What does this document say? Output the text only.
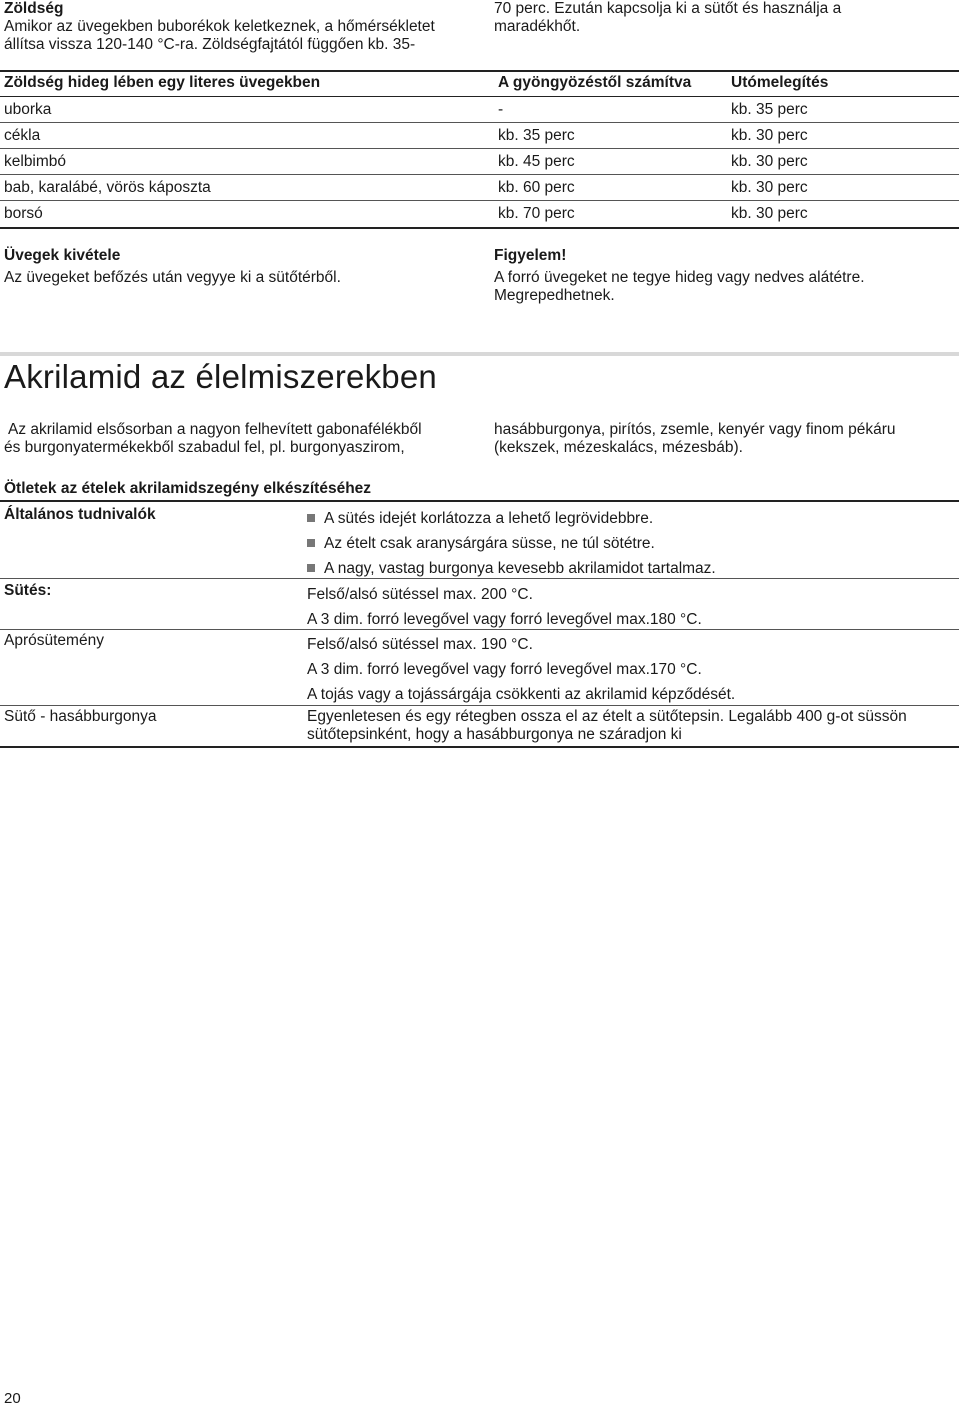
Zöldség
Amikor az üvegekben buborékok keletkeznek, a hőmérsékletet
állítsa vissza 120-140 °C-ra. Zöldségfajtától függően kb. 35-
70 perc. Ezután kapcsolja ki a sütőt és használja a
maradékhőt.
Zöldség hideg lében egy literes üvegekben	A gyöngyözéstől számítva	Utómelegítés
uborka	-	kb. 35 perc
cékla	kb. 35 perc	kb. 30 perc
kelbimbó	kb. 45 perc	kb. 30 perc
bab, karalábé, vörös káposzta	kb. 60 perc	kb. 30 perc
borsó	kb. 70 perc	kb. 30 perc
Üvegek kivétele
Az üvegeket befőzés után vegyye ki a sütőtérből.
Figyelem!
A forró üvegeket ne tegye hideg vagy nedves alátétre.
Megrepedhetnek.
Akrilamid az élelmiszerekben
Az akrilamid elsősorban a nagyon felhevített gabonafélékből
és burgonyatermékekből szabadul fel, pl. burgonyaszirom,
hasábburgonya, pirítós, zsemle, kenyér vagy finom pékáru
(kekszek, mézeskalács, mézesbáb).
Ötletek az ételek akrilamidszegény elkészítéséhez
Általános tudnivalók	A sütés idejét korlátozza a lehető legrövidebbre.
Az ételt csak aranysárgára süsse, ne túl sötétre.
A nagy, vastag burgonya kevesebb akrilamidot tartalmaz.
Sütés:	Felső/alsó sütéssel max. 200 °C.
A 3 dim. forró levegővel vagy forró levegővel max.180 °C.
Aprósütemény	Felső/alsó sütéssel max. 190 °C.
A 3 dim. forró levegővel vagy forró levegővel max.170 °C.
A tojás vagy a tojássárgája csökkenti az akrilamid képződését.
Sütő - hasábburgonya	Egyenletesen és egy rétegben ossza el az ételt a sütőtepsin. Legalább 400 g-ot süssön
sütőtepsinként, hogy a hasábburgonya ne száradjon ki
20
